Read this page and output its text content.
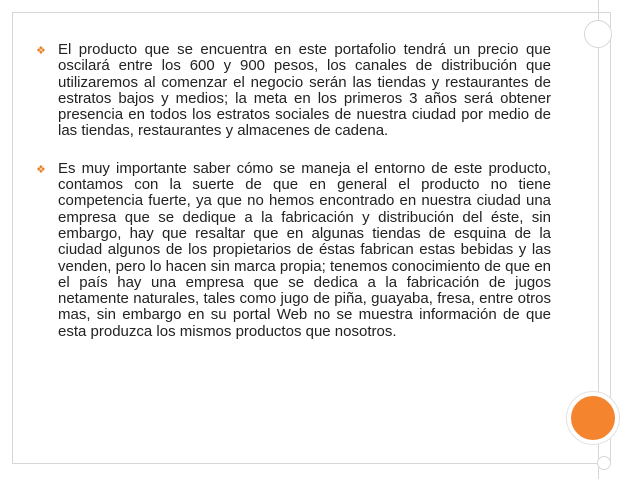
❖ El producto que se encuentra en este portafolio tendrá un precio que oscilará entre los 600 y 900 pesos, los canales de distribución que utilizaremos al comenzar el negocio serán las tiendas y restaurantes de estratos bajos y medios; la meta en los primeros 3 años será obtener presencia en todos los estratos sociales de nuestra ciudad por medio de las tiendas, restaurantes y almacenes de cadena.
❖ Es muy importante saber cómo se maneja el entorno de este producto, contamos con la suerte de que en general el producto no tiene competencia fuerte, ya que no hemos encontrado en nuestra ciudad una empresa que se dedique a la fabricación y distribución del éste, sin embargo, hay que resaltar que en algunas tiendas de esquina de la ciudad algunos de los propietarios de éstas fabrican estas bebidas y las venden, pero lo hacen sin marca propia; tenemos conocimiento de que en el país hay una empresa que se dedica a la fabricación de jugos netamente naturales, tales como jugo de piña, guayaba, fresa, entre otros mas, sin embargo en su portal Web no se muestra información de que esta produzca los mismos productos que nosotros.
